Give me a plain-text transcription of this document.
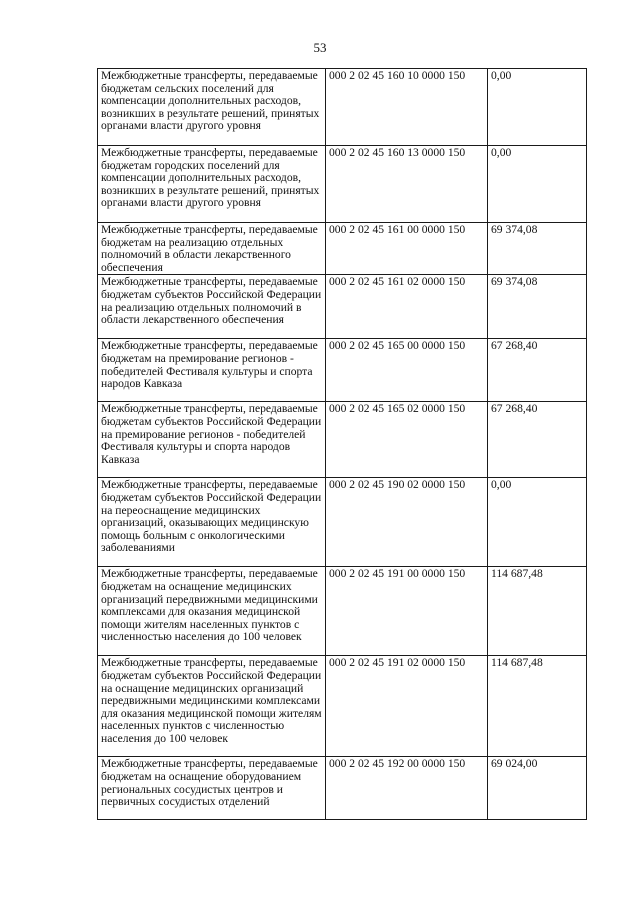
53
Межбюджетные трансферты, передаваемые бюджетам сельских поселений для компенсации дополнительных расходов, возникших в результате решений, принятых органами власти другого уровня	000 2 02 45 160 10 0000 150	0,00
Межбюджетные трансферты, передаваемые бюджетам городских поселений для компенсации дополнительных расходов, возникших в результате решений, принятых органами власти другого уровня	000 2 02 45 160 13 0000 150	0,00
Межбюджетные трансферты, передаваемые бюджетам на реализацию отдельных полномочий в области лекарственного обеспечения	000 2 02 45 161 00 0000 150	69 374,08
Межбюджетные трансферты, передаваемые бюджетам субъектов Российской Федерации на реализацию отдельных полномочий в области лекарственного обеспечения	000 2 02 45 161 02 0000 150	69 374,08
Межбюджетные трансферты, передаваемые бюджетам на премирование регионов - победителей Фестиваля культуры и спорта народов Кавказа	000 2 02 45 165 00 0000 150	67 268,40
Межбюджетные трансферты, передаваемые бюджетам субъектов Российской Федерации на премирование регионов - победителей Фестиваля культуры и спорта народов Кавказа	000 2 02 45 165 02 0000 150	67 268,40
Межбюджетные трансферты, передаваемые бюджетам субъектов Российской Федерации на переоснащение медицинских организаций, оказывающих медицинскую помощь больным с онкологическими заболеваниями	000 2 02 45 190 02 0000 150	0,00
Межбюджетные трансферты, передаваемые бюджетам на оснащение медицинских организаций передвижными медицинскими комплексами для оказания медицинской помощи жителям населенных пунктов с численностью населения до 100 человек	000 2 02 45 191 00 0000 150	114 687,48
Межбюджетные трансферты, передаваемые бюджетам субъектов Российской Федерации на оснащение медицинских организаций передвижными медицинскими комплексами для оказания медицинской помощи жителям населенных пунктов с численностью населения до 100 человек	000 2 02 45 191 02 0000 150	114 687,48
Межбюджетные трансферты, передаваемые бюджетам на оснащение оборудованием региональных сосудистых центров и первичных сосудистых отделений	000 2 02 45 192 00 0000 150	69 024,00
